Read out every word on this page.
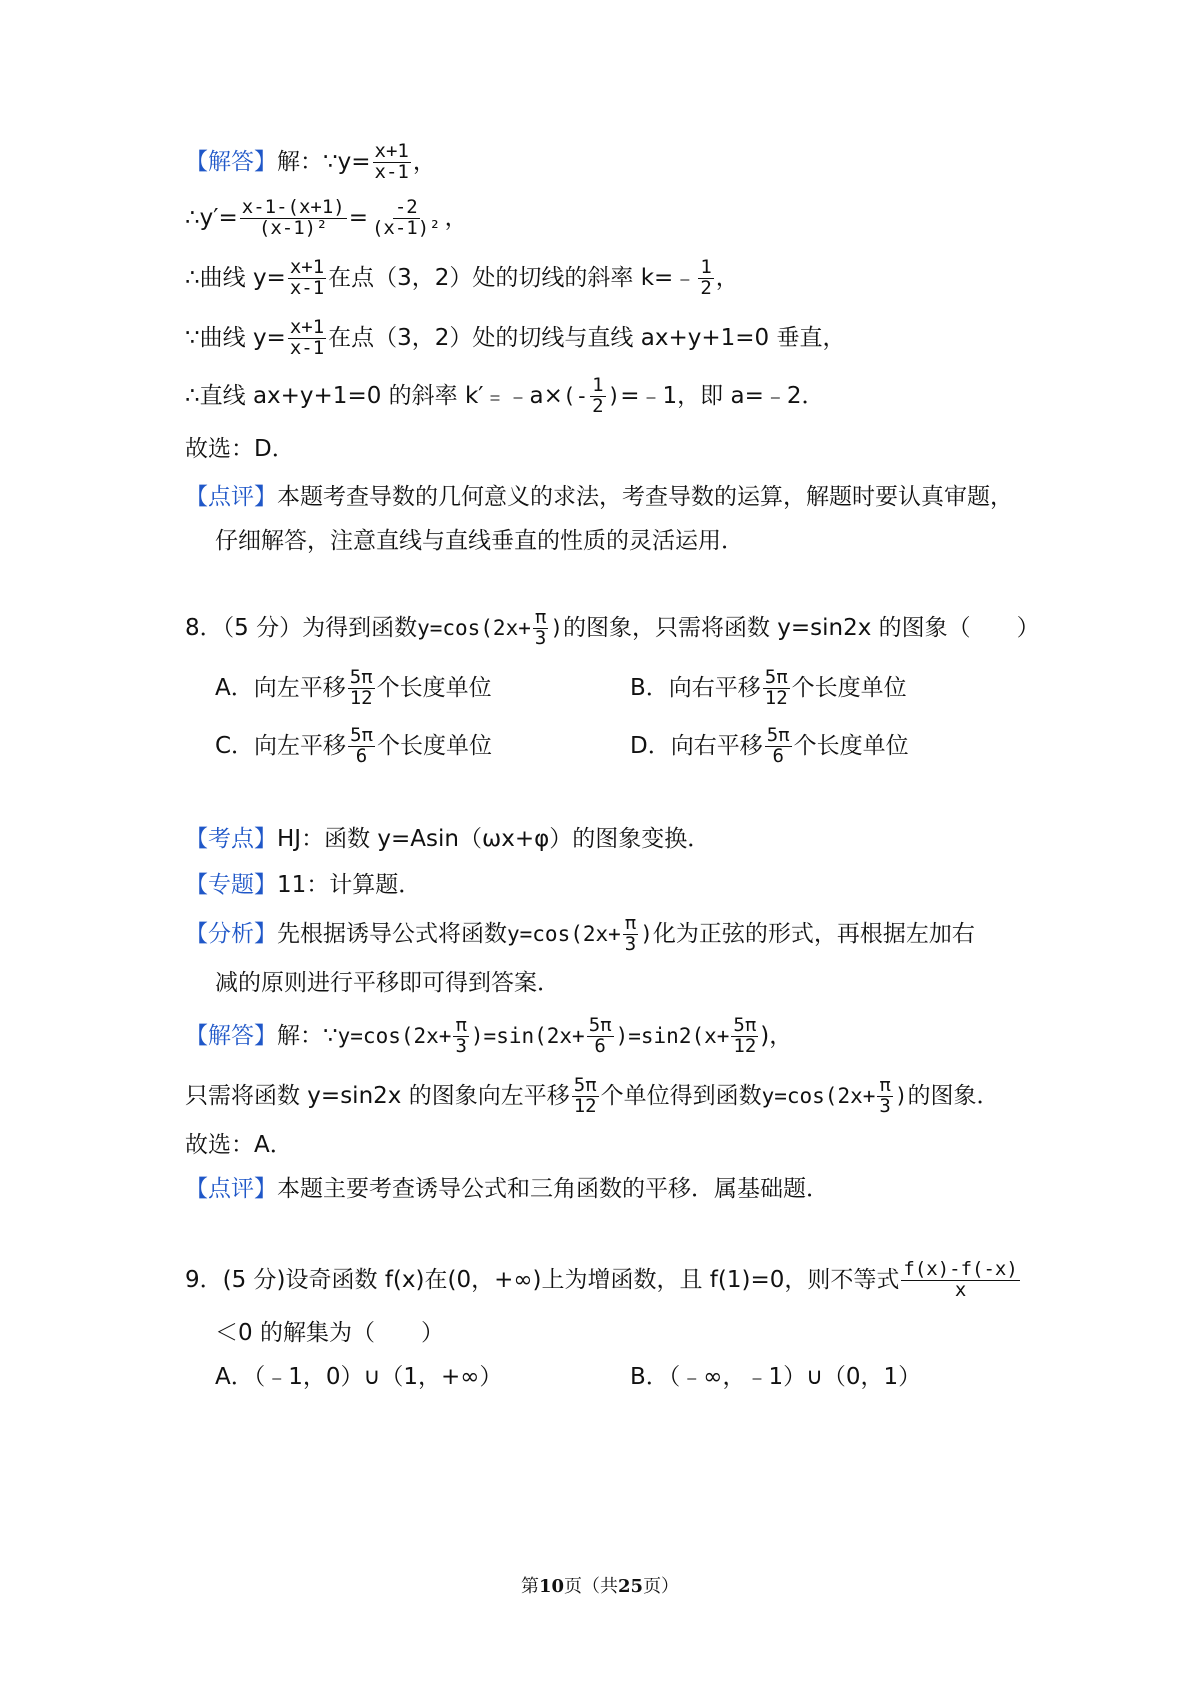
【解答】解：∵y= $\frac{x+1}{x-1}$ ，
∴y′= $\frac{x-1-(x+1)}{\text{(x-1)²}} = \frac{-2}{\text{(x-1)²}}$ ，
∴曲线 $y= \frac{x+1}{x-1}$ 在点（3，2）处的切线的斜率 k=﹣ $\frac{1}{2}$ ，
∵曲线 $y= \frac{x+1}{x-1}$ 在点（3，2）处的切线与直线 ax+y+1=0 垂直，
∴直线 ax+y+1=0 的斜率 k′﹦﹣a×(- $\frac{1}{2}$ )=﹣1，即 a=﹣2．
故选：D．
【点评】本题考查导数的几何意义的求法，考查导数的运算，解题时要认真审题，
仔细解答，注意直线与直线垂直的性质的灵活运用．
8．（5 分）为得到函数$y=\cos(2x+ \frac{\pi}{3}$ )的图象，只需将函数 y=sin2x 的图象（　　）
A．向左平移 $\frac{5\pi}{12}$ 个长度单位	B．向右平移 $\frac{5\pi}{12}$ 个长度单位
C．向左平移 $\frac{5\pi}{6}$ 个长度单位	D．向右平移 $\frac{5\pi}{6}$ 个长度单位
【考点】HJ：函数 y=Asin（ωx+φ）的图象变换．
【专题】11：计算题．
【分析】先根据诱导公式将函数$y=\cos(2x+ \frac{\pi}{3}$ )化为正弦的形式，再根据左加右
减的原则进行平移即可得到答案．
【解答】解：∵y=cos(2x+ $\frac{\pi}{3} )=\sin(2x+ \frac{5\pi}{6} )=\sin 2(x+ \frac{5\pi}{12}$ )，
只需将函数 y=sin2x 的图象向左平移 $\frac{5\pi}{12}$ 个单位得到函数$y=\cos(2x+ \frac{\pi}{3}$ )的图象．
故选：A．
【点评】本题主要考查诱导公式和三角函数的平移．属基础题．
9．(5 分)设奇函数 f(x)在(0，+∞)上为增函数，且 f(1)=0，则不等式 $\frac{f(x)-f(-x)}{x}$
＜0 的解集为（　　）
A．（﹣1，0）∪（1，+∞）	B．（﹣∞，﹣1）∪（0，1）
第10页（共25页）
